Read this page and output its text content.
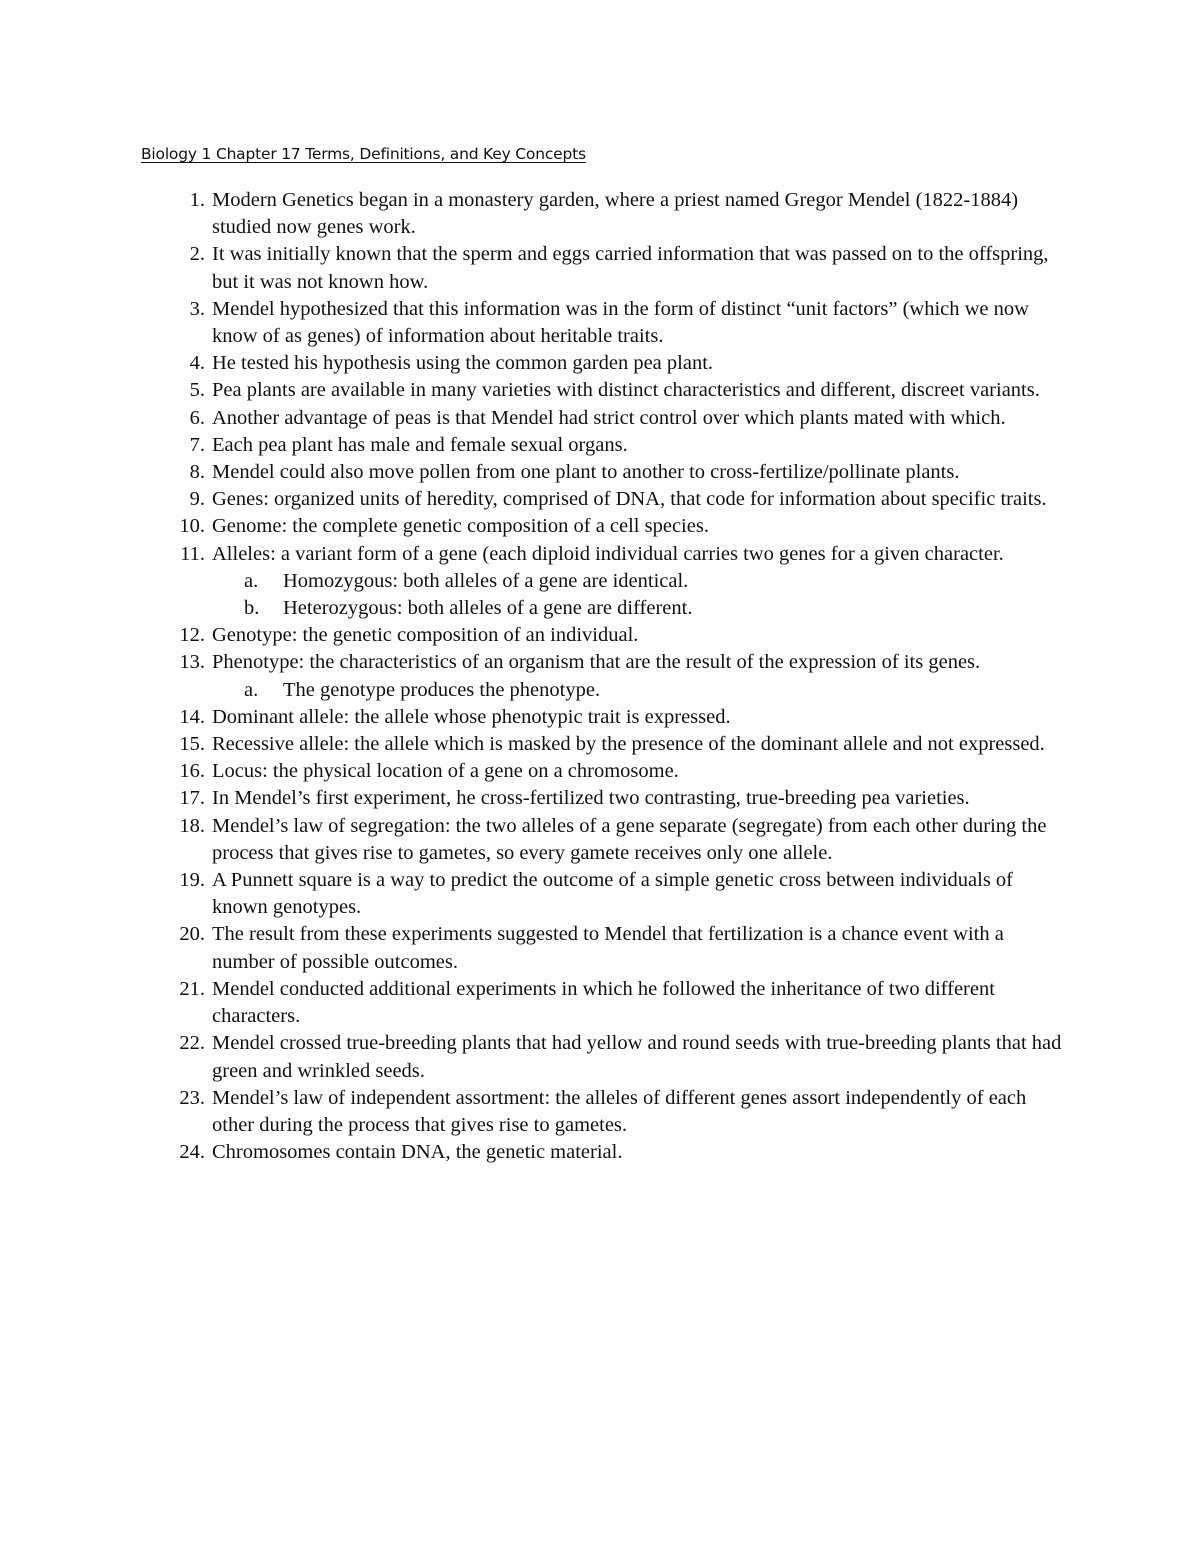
Biology 1 Chapter 17 Terms, Definitions, and Key Concepts
1. Modern Genetics began in a monastery garden, where a priest named Gregor Mendel (1822-1884) studied now genes work.
2. It was initially known that the sperm and eggs carried information that was passed on to the offspring, but it was not known how.
3. Mendel hypothesized that this information was in the form of distinct “unit factors” (which we now know of as genes) of information about heritable traits.
4. He tested his hypothesis using the common garden pea plant.
5. Pea plants are available in many varieties with distinct characteristics and different, discreet variants.
6. Another advantage of peas is that Mendel had strict control over which plants mated with which.
7. Each pea plant has male and female sexual organs.
8. Mendel could also move pollen from one plant to another to cross-fertilize/pollinate plants.
9. Genes: organized units of heredity, comprised of DNA, that code for information about specific traits.
10. Genome: the complete genetic composition of a cell species.
11. Alleles: a variant form of a gene (each diploid individual carries two genes for a given character.
a. Homozygous: both alleles of a gene are identical.
b. Heterozygous: both alleles of a gene are different.
12. Genotype: the genetic composition of an individual.
13. Phenotype: the characteristics of an organism that are the result of the expression of its genes.
a. The genotype produces the phenotype.
14. Dominant allele: the allele whose phenotypic trait is expressed.
15. Recessive allele: the allele which is masked by the presence of the dominant allele and not expressed.
16. Locus: the physical location of a gene on a chromosome.
17. In Mendel’s first experiment, he cross-fertilized two contrasting, true-breeding pea varieties.
18. Mendel’s law of segregation: the two alleles of a gene separate (segregate) from each other during the process that gives rise to gametes, so every gamete receives only one allele.
19. A Punnett square is a way to predict the outcome of a simple genetic cross between individuals of known genotypes.
20. The result from these experiments suggested to Mendel that fertilization is a chance event with a number of possible outcomes.
21. Mendel conducted additional experiments in which he followed the inheritance of two different characters.
22. Mendel crossed true-breeding plants that had yellow and round seeds with true-breeding plants that had green and wrinkled seeds.
23. Mendel’s law of independent assortment: the alleles of different genes assort independently of each other during the process that gives rise to gametes.
24. Chromosomes contain DNA, the genetic material.
